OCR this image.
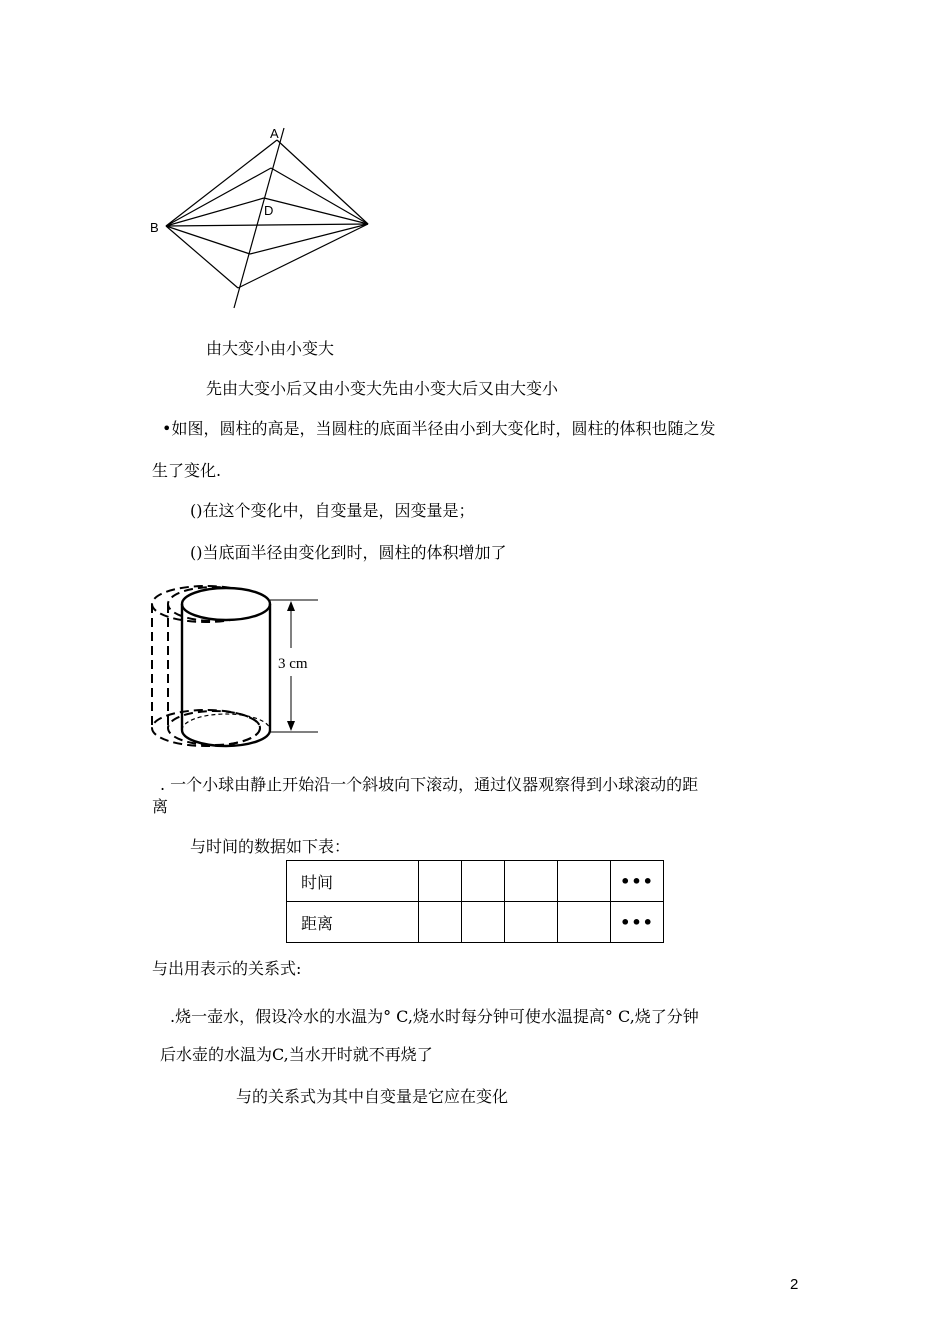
A
B
D
由大变小由小变大
先由大变小后又由小变大先由小变大后又由大变小
•如图，圆柱的高是，当圆柱的底面半径由小到大变化时，圆柱的体积也随之发
生了变化.
()在这个变化中，自变量是，因变量是；
()当底面半径由变化到时，圆柱的体积增加了
3 cm
. 一个小球由静止开始沿一个斜坡向下滚动，通过仪器观察得到小球滚动的距
离
与时间的数据如下表：
时间					•••
距离					•••
与出用表示的关系式:
.烧一壶水，假设冷水的水温为° C,烧水时每分钟可使水温提高° C,烧了分钟
后水壶的水温为C,当水开时就不再烧了
与的关系式为其中自变量是它应在变化
2
